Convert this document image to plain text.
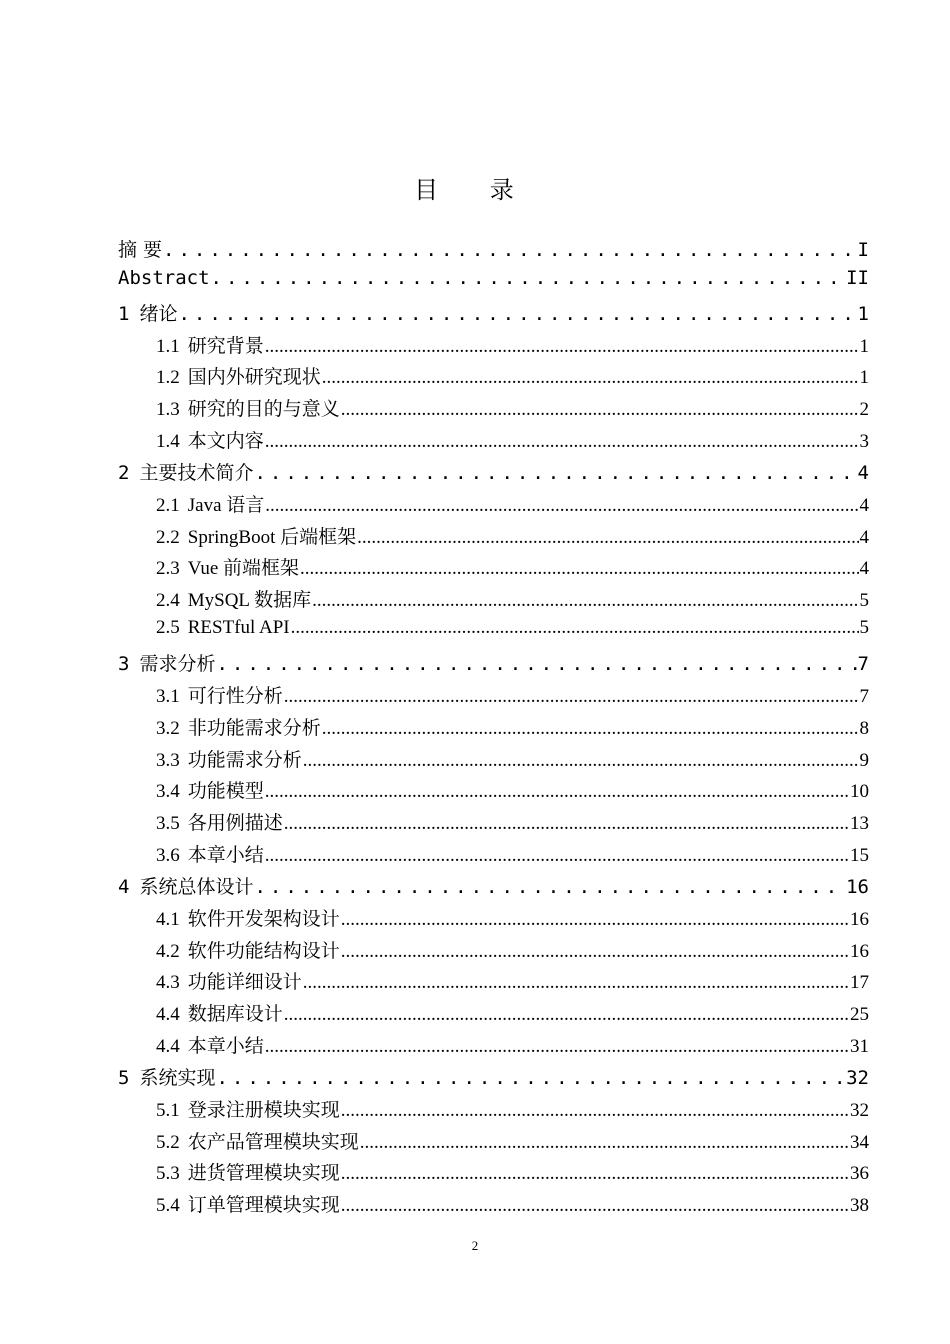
目 录
摘 要 .....	I
Abstract .....	II
1 绪论 .....	1
1.1 研究背景 .....	1
1.2 国内外研究现状 .....	1
1.3 研究的目的与意义 .....	2
1.4 本文内容 .....	3
2 主要技术简介 .....	4
2.1 Java 语言 .....	4
2.2 SpringBoot 后端框架 .....	4
2.3 Vue 前端框架 .....	4
2.4 MySQL 数据库 .....	5
2.5 RESTful API .....	5
3 需求分析 .....	7
3.1 可行性分析 .....	7
3.2 非功能需求分析 .....	8
3.3 功能需求分析 .....	9
3.4 功能模型 .....	10
3.5 各用例描述 .....	13
3.6 本章小结 .....	15
4 系统总体设计 .....	16
4.1 软件开发架构设计 .....	16
4.2 软件功能结构设计 .....	16
4.3 功能详细设计 .....	17
4.4 数据库设计 .....	25
4.4 本章小结 .....	31
5 系统实现 .....	32
5.1 登录注册模块实现 .....	32
5.2 农产品管理模块实现 .....	34
5.3 进货管理模块实现 .....	36
5.4 订单管理模块实现 .....	38
2
